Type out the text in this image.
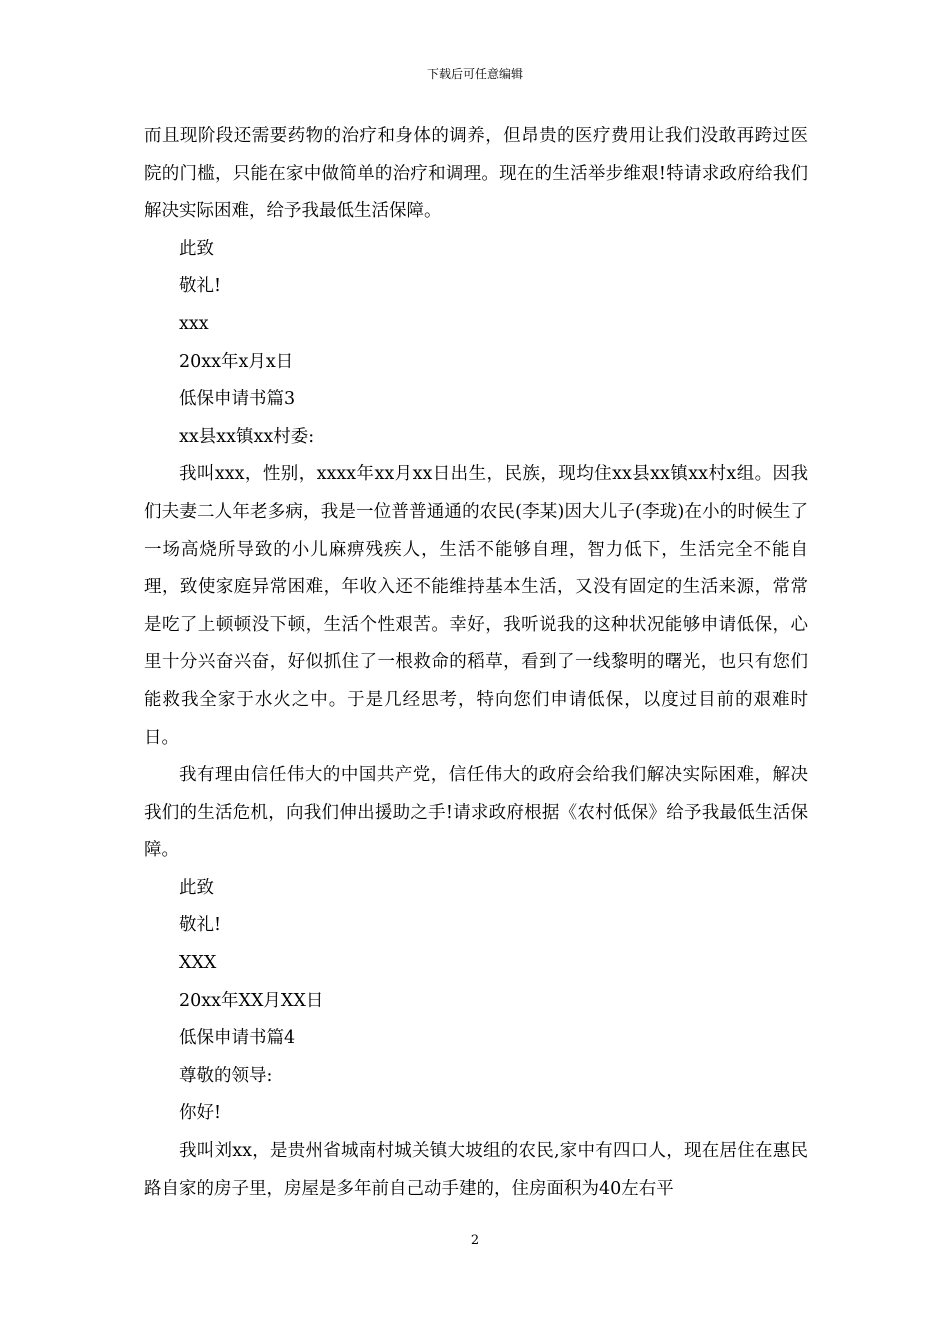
下载后可任意编辑

而且现阶段还需要药物的治疗和身体的调养，但昂贵的医疗费用让我们没敢再跨过医院的门槛，只能在家中做简单的治疗和调理。现在的生活举步维艰!特请求政府给我们解决实际困难，给予我最低生活保障。

此致

敬礼!

xxx

20xx年x月x日

低保申请书篇3

xx县xx镇xx村委:

我叫xxx，性别，xxxx年xx月xx日出生，民族，现均住xx县xx镇xx村x组。因我们夫妻二人年老多病，我是一位普普通通的农民(李某)因大儿子(李珑)在小的时候生了一场高烧所导致的小儿麻痹残疾人，生活不能够自理，智力低下，生活完全不能自理，致使家庭异常困难，年收入还不能维持基本生活，又没有固定的生活来源，常常是吃了上顿顿没下顿，生活个性艰苦。幸好，我听说我的这种状况能够申请低保，心里十分兴奋兴奋，好似抓住了一根救命的稻草，看到了一线黎明的曙光，也只有您们能救我全家于水火之中。于是几经思考，特向您们申请低保，以度过目前的艰难时日。

我有理由信任伟大的中国共产党，信任伟大的政府会给我们解决实际困难，解决我们的生活危机，向我们伸出援助之手!请求政府根据《农村低保》给予我最低生活保障。

此致

敬礼!

XXX

20xx年XX月XX日

低保申请书篇4

尊敬的领导:

你好!

我叫刘xx，是贵州省城南村城关镇大坡组的农民,家中有四口人，现在居住在惠民路自家的房子里，房屋是多年前自己动手建的，住房面积为40左右平

2
